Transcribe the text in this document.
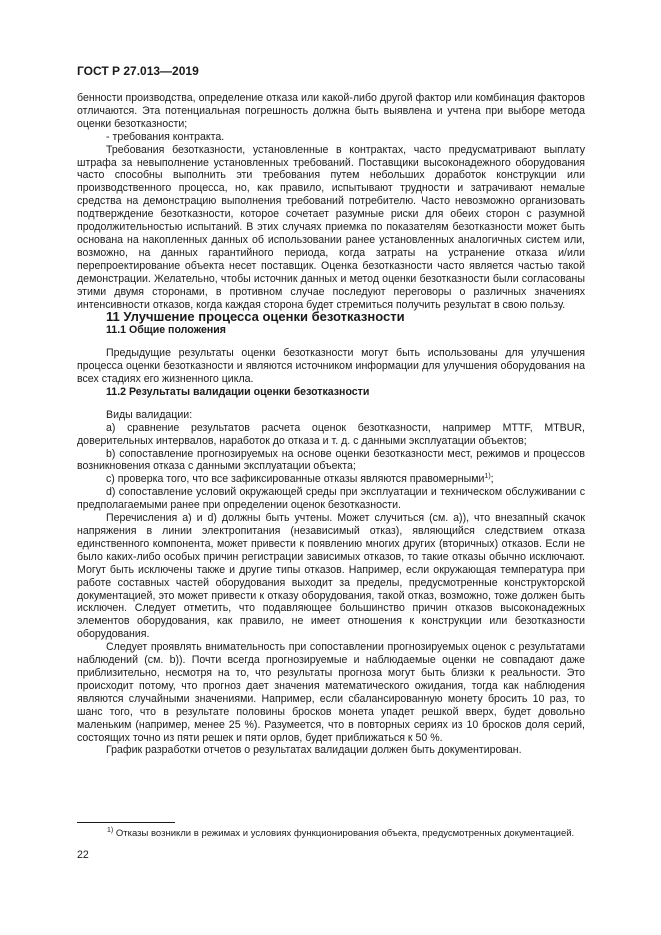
ГОСТ Р 27.013—2019

бенности производства, определение отказа или какой-либо другой фактор или комбинация факторов отличаются. Эта потенциальная погрешность должна быть выявлена и учтена при выборе метода оценки безотказности;

- требования контракта.

Требования безотказности, установленные в контрактах, часто предусматривают выплату штрафа за невыполнение установленных требований. Поставщики высоконадежного оборудования часто способны выполнить эти требования путем небольших доработок конструкции или производственного процесса, но, как правило, испытывают трудности и затрачивают немалые средства на демонстрацию выполнения требований потребителю. Часто невозможно организовать подтверждение безотказности, которое сочетает разумные риски для обеих сторон с разумной продолжительностью испытаний. В этих случаях приемка по показателям безотказности может быть основана на накопленных данных об использовании ранее установленных аналогичных систем или, возможно, на данных гарантийного периода, когда затраты на устранение отказа и/или перепроектирование объекта несет поставщик. Оценка безотказности часто является частью такой демонстрации. Желательно, чтобы источник данных и метод оценки безотказности были согласованы этими двумя сторонами, в противном случае последуют переговоры о различных значениях интенсивности отказов, когда каждая сторона будет стремиться получить результат в свою пользу.

11 Улучшение процесса оценки безотказности

11.1 Общие положения

Предыдущие результаты оценки безотказности могут быть использованы для улучшения процесса оценки безотказности и являются источником информации для улучшения оборудования на всех стадиях его жизненного цикла.

11.2 Результаты валидации оценки безотказности

Виды валидации:

a) сравнение результатов расчета оценок безотказности, например MTTF, MTBUR, доверительных интервалов, наработок до отказа и т. д. с данными эксплуатации объектов;

b) сопоставление прогнозируемых на основе оценки безотказности мест, режимов и процессов возникновения отказа с данными эксплуатации объекта;

c) проверка того, что все зафиксированные отказы являются правомерными$^{1)}$;

d) сопоставление условий окружающей среды при эксплуатации и техническом обслуживании с предполагаемыми ранее при определении оценок безотказности.

Перечисления а) и d) должны быть учтены. Может случиться (см. а)), что внезапный скачок напряжения в линии электропитания (независимый отказ), являющийся следствием отказа единственного компонента, может привести к появлению многих других (вторичных) отказов. Если не было каких-либо особых причин регистрации зависимых отказов, то такие отказы обычно исключают. Могут быть исключены также и другие типы отказов. Например, если окружающая температура при работе составных частей оборудования выходит за пределы, предусмотренные конструкторской документацией, это может привести к отказу оборудования, такой отказ, возможно, тоже должен быть исключен. Следует отметить, что подавляющее большинство причин отказов высоконадежных элементов оборудования, как правило, не имеет отношения к конструкции или безотказности оборудования.

Следует проявлять внимательность при сопоставлении прогнозируемых оценок с результатами наблюдений (см. b)). Почти всегда прогнозируемые и наблюдаемые оценки не совпадают даже приблизительно, несмотря на то, что результаты прогноза могут быть близки к реальности. Это происходит потому, что прогноз дает значения математического ожидания, тогда как наблюдения являются случайными значениями. Например, если сбалансированную монету бросить 10 раз, то шанс того, что в результате половины бросков монета упадет решкой вверх, будет довольно маленьким (например, менее 25 %). Разумеется, что в повторных сериях из 10 бросков доля серий, состоящих точно из пяти решек и пяти орлов, будет приближаться к 50 %.

График разработки отчетов о результатах валидации должен быть документирован.

$^{1)}$ Отказы возникли в режимах и условиях функционирования объекта, предусмотренных документацией.
22
